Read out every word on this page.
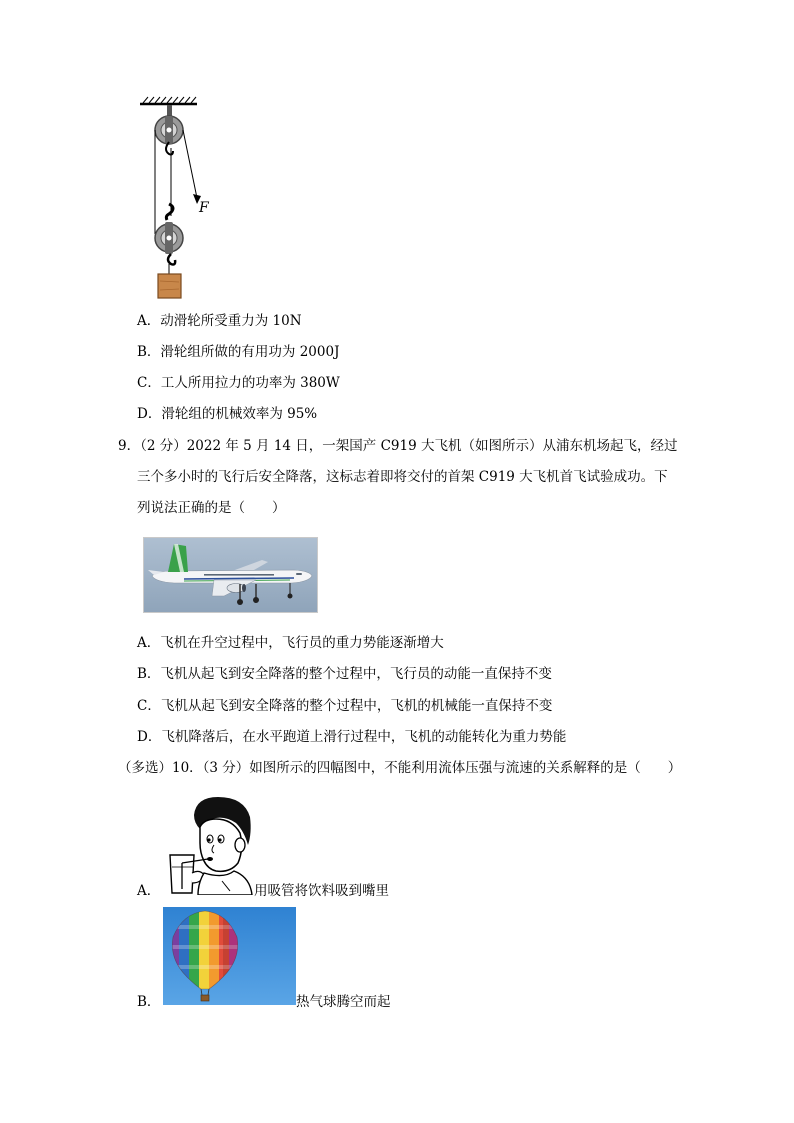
F
A．动滑轮所受重力为 10N
B．滑轮组所做的有用功为 2000J
C．工人所用拉力的功率为 380W
D．滑轮组的机械效率为 95%
9．（2 分）2022 年 5 月 14 日，一架国产 C919 大飞机（如图所示）从浦东机场起飞，经过
三个多小时的飞行后安全降落，这标志着即将交付的首架 C919 大飞机首飞试验成功。下
列说法正确的是（　　）
A．飞机在升空过程中，飞行员的重力势能逐渐增大
B．飞机从起飞到安全降落的整个过程中，飞行员的动能一直保持不变
C．飞机从起飞到安全降落的整个过程中，飞机的机械能一直保持不变
D．飞机降落后，在水平跑道上滑行过程中，飞机的动能转化为重力势能
（多选）10．（3 分）如图所示的四幅图中，不能利用流体压强与流速的关系解释的是（　　）
A．	用吸管将饮料吸到嘴里
B．	热气球腾空而起
